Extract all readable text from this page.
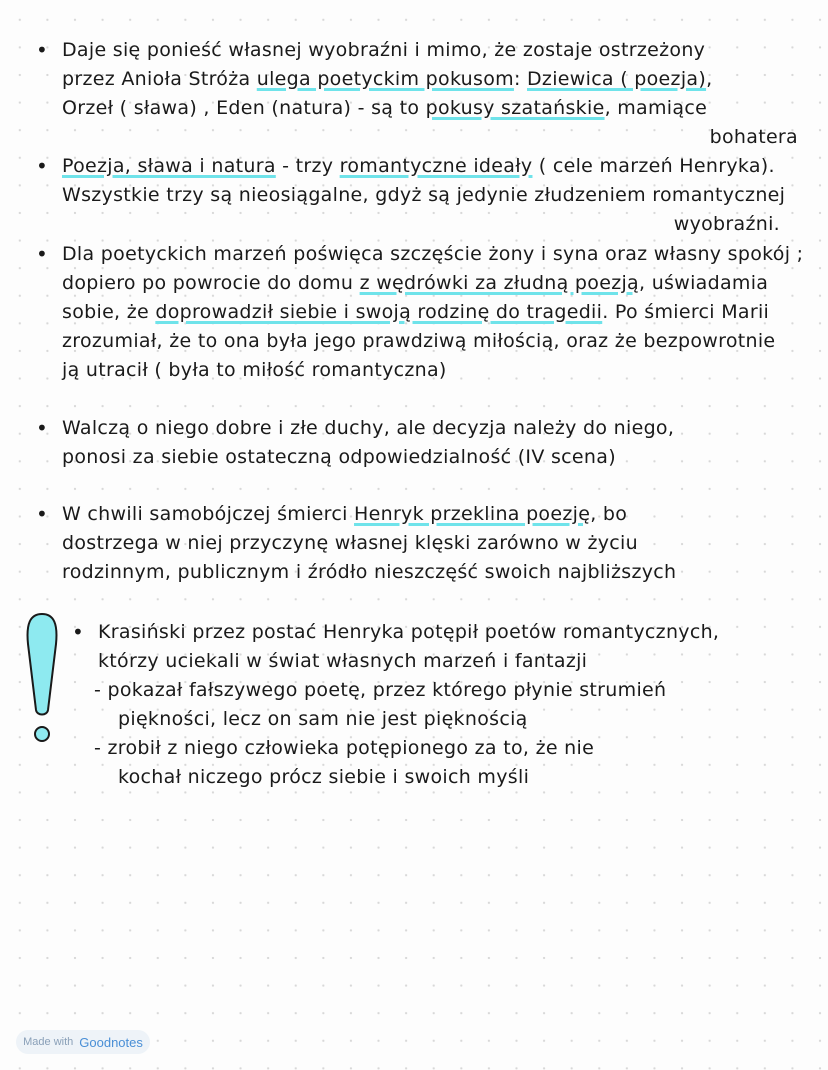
• Daje się ponieść własnej wyobraźni i mimo, że zostaje ostrzeżony
przez Anioła Stróża ulega poetyckim pokusom: Dziewica ( poezja),
Orzeł ( sława) , Eden (natura) - są to pokusy szatańskie, mamiące
bohatera
• Poezja, sława i natura - trzy romantyczne ideały ( cele marzeń Henryka).
Wszystkie trzy są nieosiągalne, gdyż są jedynie złudzeniem romantycznej
wyobraźni.
• Dla poetyckich marzeń poświęca szczęście żony i syna oraz własny spokój ;
dopiero po powrocie do domu z wędrówki za złudną poezją, uświadamia
sobie, że doprowadził siebie i swoją rodzinę do tragedii. Po śmierci Marii
zrozumiał, że to ona była jego prawdziwą miłością, oraz że bezpowrotnie
ją utracił ( była to miłość romantyczna)
• Walczą o niego dobre i złe duchy, ale decyzja należy do niego,
ponosi za siebie ostateczną odpowiedzialność (IV scena)
• W chwili samobójczej śmierci Henryk przeklina poezję, bo
dostrzega w niej przyczynę własnej klęski zarówno w życiu
rodzinnym, publicznym i źródło nieszczęść swoich najbliższych
• Krasiński przez postać Henryka potępił poetów romantycznych,
którzy uciekali w świat własnych marzeń i fantazji
- pokazał fałszywego poetę, przez którego płynie strumień
piękności, lecz on sam nie jest pięknością
- zrobił z niego człowieka potępionego za to, że nie
kochał niczego prócz siebie i swoich myśli
Made with Goodnotes
